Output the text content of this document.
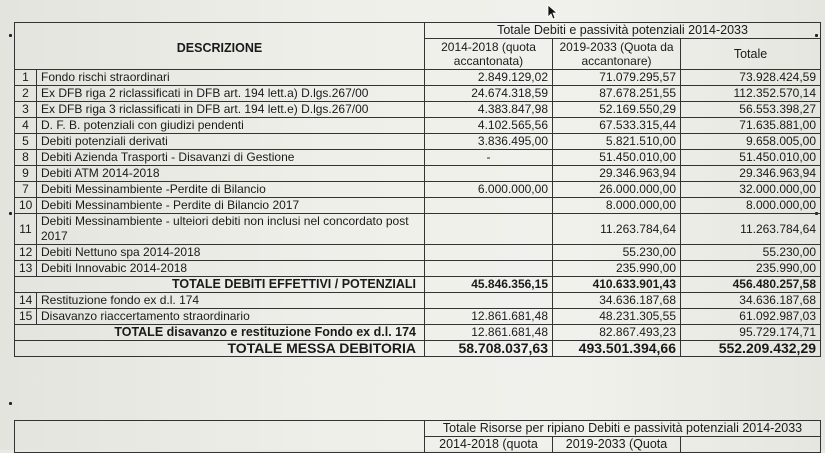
DESCRIZIONE		Totale Debiti e passività potenziali 2014-2033		
		2014-2018 (quota accantonata)	2019-2033 (Quota da accantonare)	Totale
1	Fondo rischi straordinari	2.849.129,02	71.079.295,57	73.928.424,59
2	Ex DFB riga 2 riclassificati in DFB art. 194 lett.a) D.lgs.267/00	24.674.318,59	87.678.251,55	112.352.570,14
3	Ex DFB riga 3 riclassificati in DFB art. 194 lett.e) D.lgs.267/00	4.383.847,98	52.169.550,29	56.553.398,27
4	D. F. B. potenziali con giudizi pendenti	4.102.565,56	67.533.315,44	71.635.881,00
5	Debiti potenziali derivati	3.836.495,00	5.821.510,00	9.658.005,00
8	Debiti Azienda Trasporti - Disavanzi di Gestione	-	51.450.010,00	51.450.010,00
9	Debiti ATM 2014-2018		29.346.963,94	29.346.963,94
7	Debiti Messinambiente -Perdite di Bilancio	6.000.000,00	26.000.000,00	32.000.000,00
10	Debiti Messinambiente - Perdite di Bilancio 2017		8.000.000,00	8.000.000,00
11	Debiti Messinambiente - ulteiori debiti non inclusi nel concordato post 2017		11.263.784,64	11.263.784,64
12	Debiti Nettuno spa 2014-2018		55.230,00	55.230,00
13	Debiti Innovabic 2014-2018		235.990,00	235.990,00
TOTALE DEBITI EFFETTIVI / POTENZIALI		45.846.356,15	410.633.901,43	456.480.257,58
14	Restituzione fondo ex d.l. 174		34.636.187,68	34.636.187,68
15	Disavanzo riaccertamento straordinario	12.861.681,48	48.231.305,55	61.092.987,03
TOTALE disavanzo e restituzione Fondo ex d.l. 174		12.861.681,48	82.867.493,23	95.729.174,71
TOTALE MESSA DEBITORIA		58.708.037,63	493.501.394,66	552.209.432,29
	Totale Risorse per ripiano Debiti e passività potenziali 2014-2033		
	2014-2018 (quota	2019-2033 (Quota	
